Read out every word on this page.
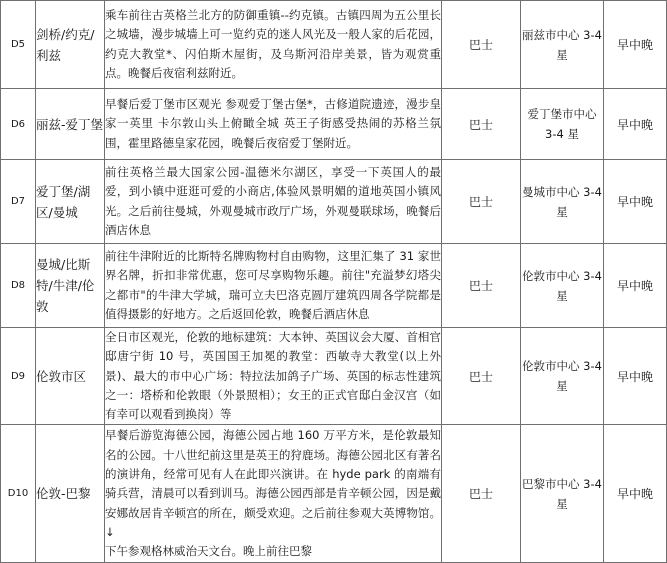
D5	剑桥/约克/利兹	乘车前往古英格兰北方的防御重镇--约克镇。古镇四周为五公里长之城墙，漫步城墙上可一览约克的迷人风光及一般人家的后花园，约克大教堂*、闪伯斯木屋街，及乌斯河沿岸美景，皆为观赏重点。晚餐后夜宿利兹附近。	巴士	丽兹市中心 3-4 星	早中晚
D6	丽兹-爱丁堡	早餐后爱丁堡市区观光 参观爱丁堡古堡*，古修道院遗迹，漫步皇家一英里 卡尔敦山头上俯瞰全城 英王子街感受热闹的苏格兰氛围，霍里路德皇家花园，晚餐后夜宿爱丁堡附近。	巴士	爱丁堡市中心 3-4 星	早中晚
D7	爱丁堡/湖区/曼城	前往英格兰最大国家公园-温德米尔湖区，享受一下英国人的最爱，到小镇中逛逛可爱的小商店,体验风景明媚的道地英国小镇风光。之后前往曼城，外观曼城市政厅广场，外观曼联球场，晚餐后酒店休息	巴士	曼城市中心 3-4 星	早中晚
D8	曼城/比斯特/牛津/伦敦	前往牛津附近的比斯特名牌购物村自由购物，这里汇集了 31 家世界名牌，折扣非常优惠，您可尽享购物乐趣。前往"充溢梦幻塔尖之都市"的牛津大学城，瑞可立夫巴洛克圆厅建筑四周各学院都是值得摄影的好地方。之后返回伦敦，晚餐后酒店休息	巴士	伦敦市中心 3-4 星	早中晚
D9	伦敦市区	全日市区观光，伦敦的地标建筑：大本钟、英国议会大厦、首相官邸唐宁街 10 号，英国国王加冕的教堂：西敏寺大教堂(以上外景)、最大的市中心广场：特拉法加鸽子广场、英国的标志性建筑之一：塔桥和伦敦眼（外景照相）；女王的正式官邸白金汉宫（如有幸可以观看到换岗）等	巴士	伦敦市中心 3-4 星	早中晚
D10	伦敦-巴黎	早餐后游览海德公园，海德公园占地 160 万平方米，是伦敦最知名的公园。十八世纪前这里是英王的狩鹿场。海德公园北区有著名的演讲角，经常可见有人在此即兴演讲。在 hyde park 的南端有骑兵营，清晨可以看到训马。海德公园西部是肯辛顿公园，因是戴安娜故居肯辛顿宫的所在，颇受欢迎。之后前往参观大英博物馆。↓
下午参观格林威治天文台。晚上前往巴黎	巴士	巴黎市中心 3-4 星	早中晚
